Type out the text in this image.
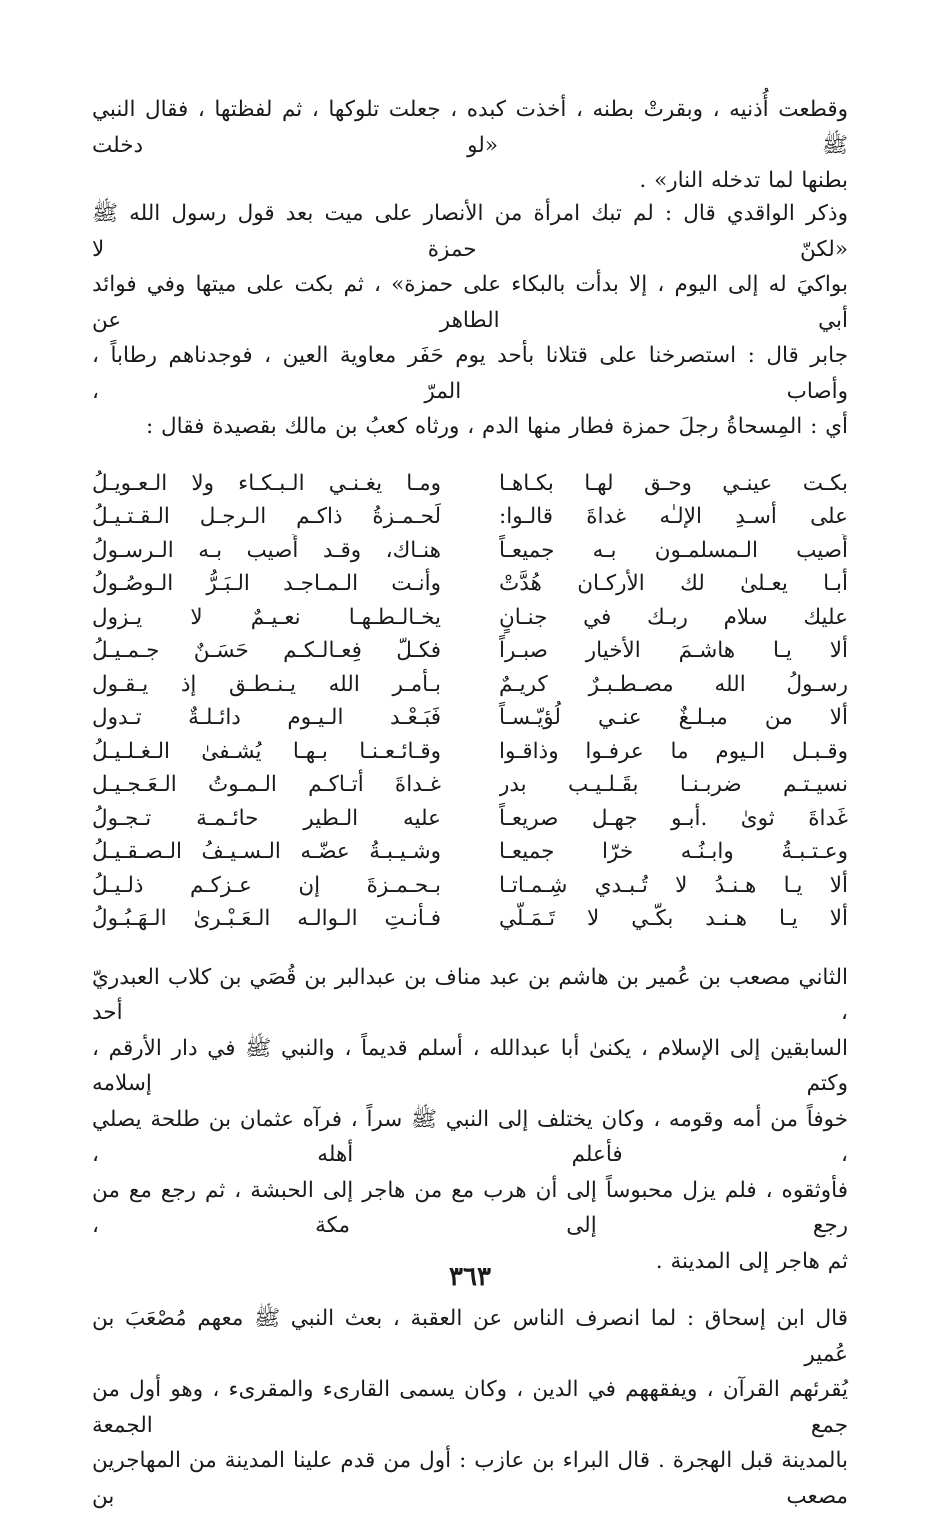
وقطعت أُذنيه ، وبقرتْ بطنه ، أخذت كبده ، جعلت تلوكها ، ثم لفظتها ، فقال النبي ﷺ «لو دخلت
بطنها لما تدخله النار» .
وذكر الواقدي قال : لم تبك امرأة من الأنصار على ميت بعد قول رسول الله ﷺ «لكنّ حمزة لا
بواكيَ له إلى اليوم ، إلا بدأت بالبكاء على حمزة» ، ثم بكت على ميتها وفي فوائد أبي الطاهر عن
جابر قال : استصرخنا على قتلانا بأحد يوم حَفَر معاوية العين ، فوجدناهم رطاباً ، وأصاب المرّ ،
أي : المِسحاةُ رجلَ حمزة فطار منها الدم ، ورثاه كعبُ بن مالك بقصيدة فقال :
بكـت عينـي وحـق لهـا بكـاهـا
ومـا يغـنـي الـبـكـاء ولا الـعـويـلُ
على أسـدِ الإلـٰه غداةَ قالـوا:
لَحـمـزةُ ذاكـم الـرجـل الـقـتـيـلُ
أُصيب الـمسلمـون بـه جميعـاً
هنـاك، وقـد أُصيب بـه الـرسـولُ
أبـا يعـلىٰ لك الأركـان هُدَّتْ
وأنـت الـمـاجـد الـبَـرُّ الـوصُـولُ
عليك سلام ربـك في جنـانٍ
يخـالـطـهـا نعـيـمٌ لا يـزول
ألا يـا هاشـمَ الأخيار صبـراً
فكـلّ فِعـالـكـم حَسَـنٌ جـمـيـلُ
رسـولُ الله مصـطـبـرٌ كريـمٌ
بـأمـر الله يـنـطـق إذ يـقـول
ألا من مبـلـغٌ عنـي لُؤيّـسـاً
فَبَـعْـد الـيـوم دائـلـةٌ تـدول
وقـبـل الـيوم ما عرفـوا وذاقـوا
وقـائـعـنـا بـهـا يُشـفىٰ الـغـلـيـلُ
نسيـتـم ضربـنـا بقَـلـيـب بدر
غـداةَ أتـاكـم الـمـوتُ الـعَـجـيـل
غَداةَ ثوىٰ .أبـو جهـل صريعـاً
عليه الـطير حائـمـة تـجـولُ
وعـتـبـةُ وابـنُـه خرّا جميعـا
وشـيـبـةُ عضّـه الـسـيـفُ الـصـقـيـلُ
ألا يـا هـنـدُ لا تُـبـدي شِـمـاتـا
بـحـمـزةَ إن عـزكـم ذلـيـلُ
ألا يـا هـنـد بكّـي لا تَـمَـلّي
فـأنـتِ الـوالـه الـعَـبْـرىٰ الـهَـبُـولُ
الثاني مصعب بن عُمير بن هاشم بن عبد مناف بن عبدالبر بن قُصَي بن كلاب العبدريّ ، أحد
السابقين إلى الإسلام ، يكنىٰ أبا عبدالله ، أسلم قديماً ، والنبي ﷺ في دار الأرقم ، وكتم إسلامه
خوفاً من أمه وقومه ، وكان يختلف إلى النبي ﷺ سراً ، فرآه عثمان بن طلحة يصلي ، فأعلم أهله ،
فأوثقوه ، فلم يزل محبوساً إلى أن هرب مع من هاجر إلى الحبشة ، ثم رجع مع من رجع إلى مكة ،
ثم هاجر إلى المدينة .
قال ابن إسحاق : لما انصرف الناس عن العقبة ، بعث النبي ﷺ معهم مُصْعَبَ بن عُمير
يُقرئهم القرآن ، ويفقههم في الدين ، وكان يسمى القارىء والمقرىء ، وهو أول من جمع الجمعة
بالمدينة قبل الهجرة . قال البراء بن عازب : أول من قدم علينا المدينة من المهاجرين مصعب بن
٣٦٣
